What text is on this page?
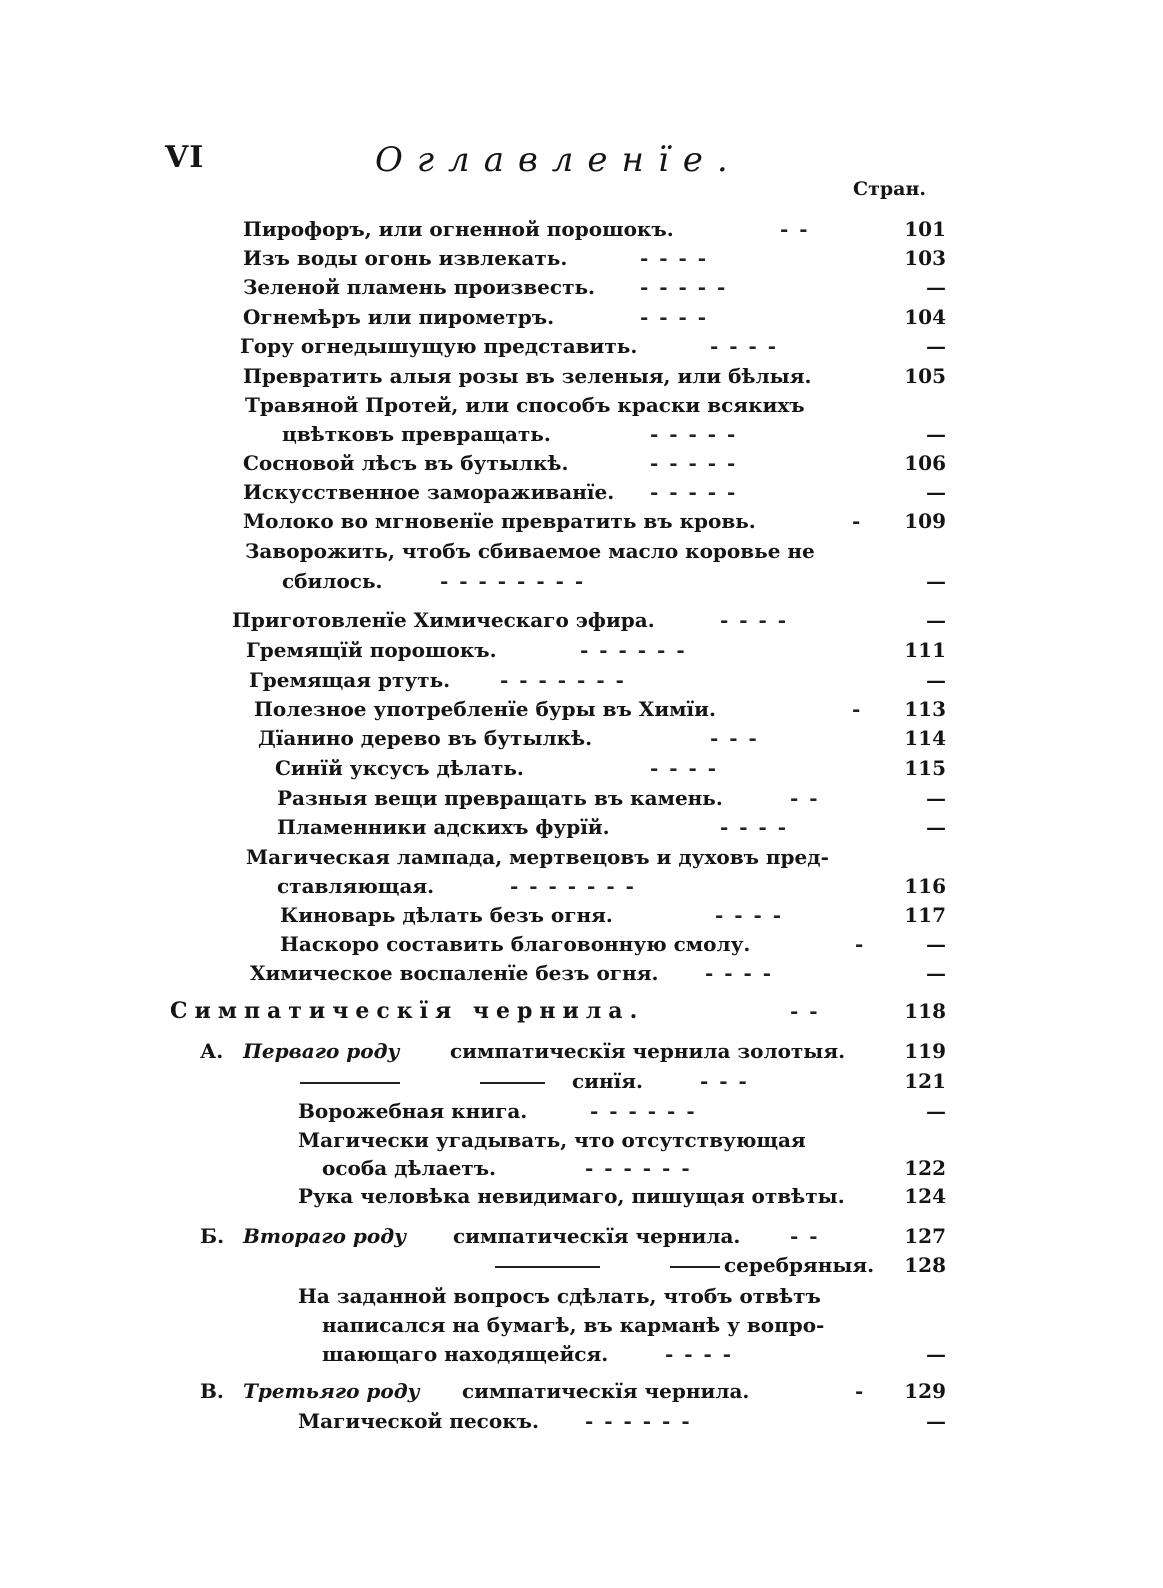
VI	Оглавленїе.
Стран.
Пирофоръ, или огненной порошокъ.	- -	101
Изъ воды огонь извлекать.	- - - -	103
Зеленой пламень произвесть. - - - - -	—
Огнемѣръ или пирометръ.	- - - -	104
Гору огнедышущую представить.	- - - -	—
Превратить алыя розы въ зеленыя, или бѣлыя.	105
Травяной Протей, или способъ краски всякихъ
цвѣтковъ превращать.	- - - - -	—
Сосновой лѣсъ въ бутылкѣ.	- - - - -	106
Искусственное замораживанїе. - - - - -	—
Молоко во мгновенїе превратить въ кровь.	-	109
Заворожить, чтобъ сбиваемое масло коровье не
сбилось.	- - - - - - - -	—
Приготовленїе Химическаго эфира.	- - - -	—
Гремящїй порошокъ.	- - - - - -	111
Гремящая ртуть. - - - - - - -	—
Полезное употребленїе буры въ Химїи.	-	113
Дїанино дерево въ бутылкѣ.	- - -	114
Синїй уксусъ дѣлать.	- - - -	115
Разныя вещи превращать въ камень.	- -	—
Пламенники адскихъ фурїй.	- - - -	—
Магическая лампада, мертвецовъ и духовъ пред-
ставляющая.	- - - - - - -	116
Киноварь дѣлать безъ огня.	- - - -	117
Наскоро составить благовонную смолу.	-	—
Химическое воспаленїе безъ огня. - - - -	—
Симпатическїя чернила.	- -	118
А. Перваго роду	симпатическїя чернила золотыя.	119
синїя.	- - -	121
Ворожебная книга.	- - - - - -	—
Магически угадывать, что отсутствующая
особа дѣлаетъ.	- - - - - -	122
Рука человѣка невидимаго, пишущая отвѣты.	124
Б. Втораго роду симпатическїя чернила. - -	127
серебряныя.	128
На заданной вопросъ сдѣлать, чтобъ отвѣтъ
написался на бумагѣ, въ карманѣ у вопро-
шающаго находящейся.	- - - -	—
В. Третьяго роду симпатическїя чернила.	-	129
Магической песокъ. - - - - - -	—
